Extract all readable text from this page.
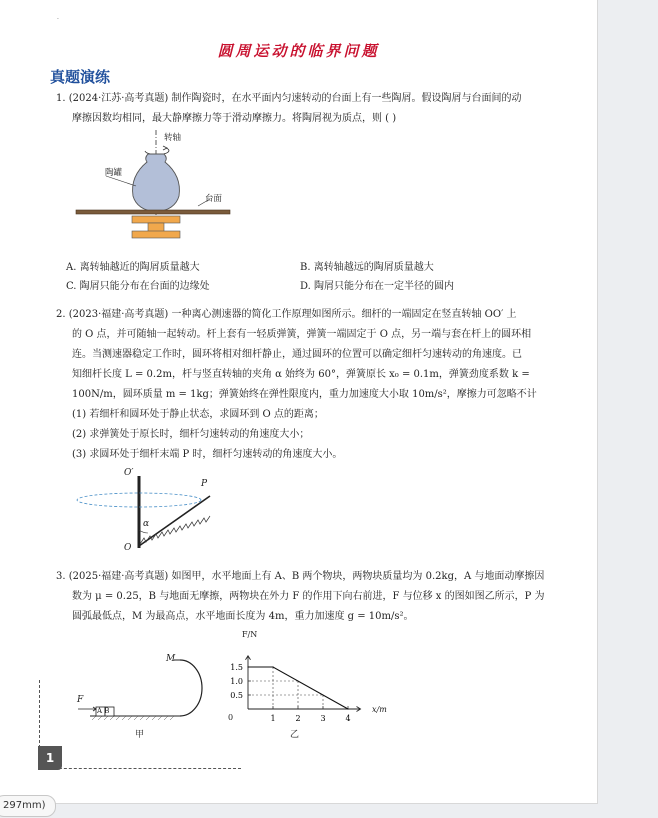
.
圆周运动的临界问题
真题演练

1. (2024·江苏·高考真题) 制作陶瓷时，在水平面内匀速转动的台面上有一些陶屑。假设陶屑与台面间的动

摩擦因数均相同，最大静摩擦力等于滑动摩擦力。将陶屑视为质点，则 ( )

转轴
陶罐
台面
A. 离转轴越近的陶屑质量越大	B. 离转轴越远的陶屑质量越大
C. 陶屑只能分布在台面的边缘处	D. 陶屑只能分布在一定半径的圆内

2. (2023·福建·高考真题) 一种离心测速器的简化工作原理如图所示。细杆的一端固定在竖直转轴 OO′ 上

的 O 点，并可随轴一起转动。杆上套有一轻质弹簧，弹簧一端固定于 O 点，另一端与套在杆上的圆环相

连。当测速器稳定工作时，圆环将相对细杆静止，通过圆环的位置可以确定细杆匀速转动的角速度。已

知细杆长度 L = 0.2m，杆与竖直转轴的夹角 α 始终为 60°，弹簧原长 x₀ = 0.1m，弹簧劲度系数 k =

100N/m，圆环质量 m = 1kg；弹簧始终在弹性限度内，重力加速度大小取 10m/s²，摩擦力可忽略不计

(1) 若细杆和圆环处于静止状态，求圆环到 O 点的距离；

(2) 求弹簧处于原长时，细杆匀速转动的角速度大小；

(3) 求圆环处于细杆末端 P 时，细杆匀速转动的角速度大小。

O′
P
α
O

3. (2025·福建·高考真题) 如图甲，水平地面上有 A、B 两个物块，两物块质量均为 0.2kg，A 与地面动摩擦因

数为 μ = 0.25，B 与地面无摩擦，两物块在外力 F 的作用下向右前进，F 与位移 x 的图如图乙所示，P 为

圆弧最低点，M 为最高点，水平地面长度为 4m，重力加速度 g = 10m/s²。

M
F
A B
甲
F/N
x/m
0	1 2 3 4
0.5
1.0
1.5
乙
1
297mm)
